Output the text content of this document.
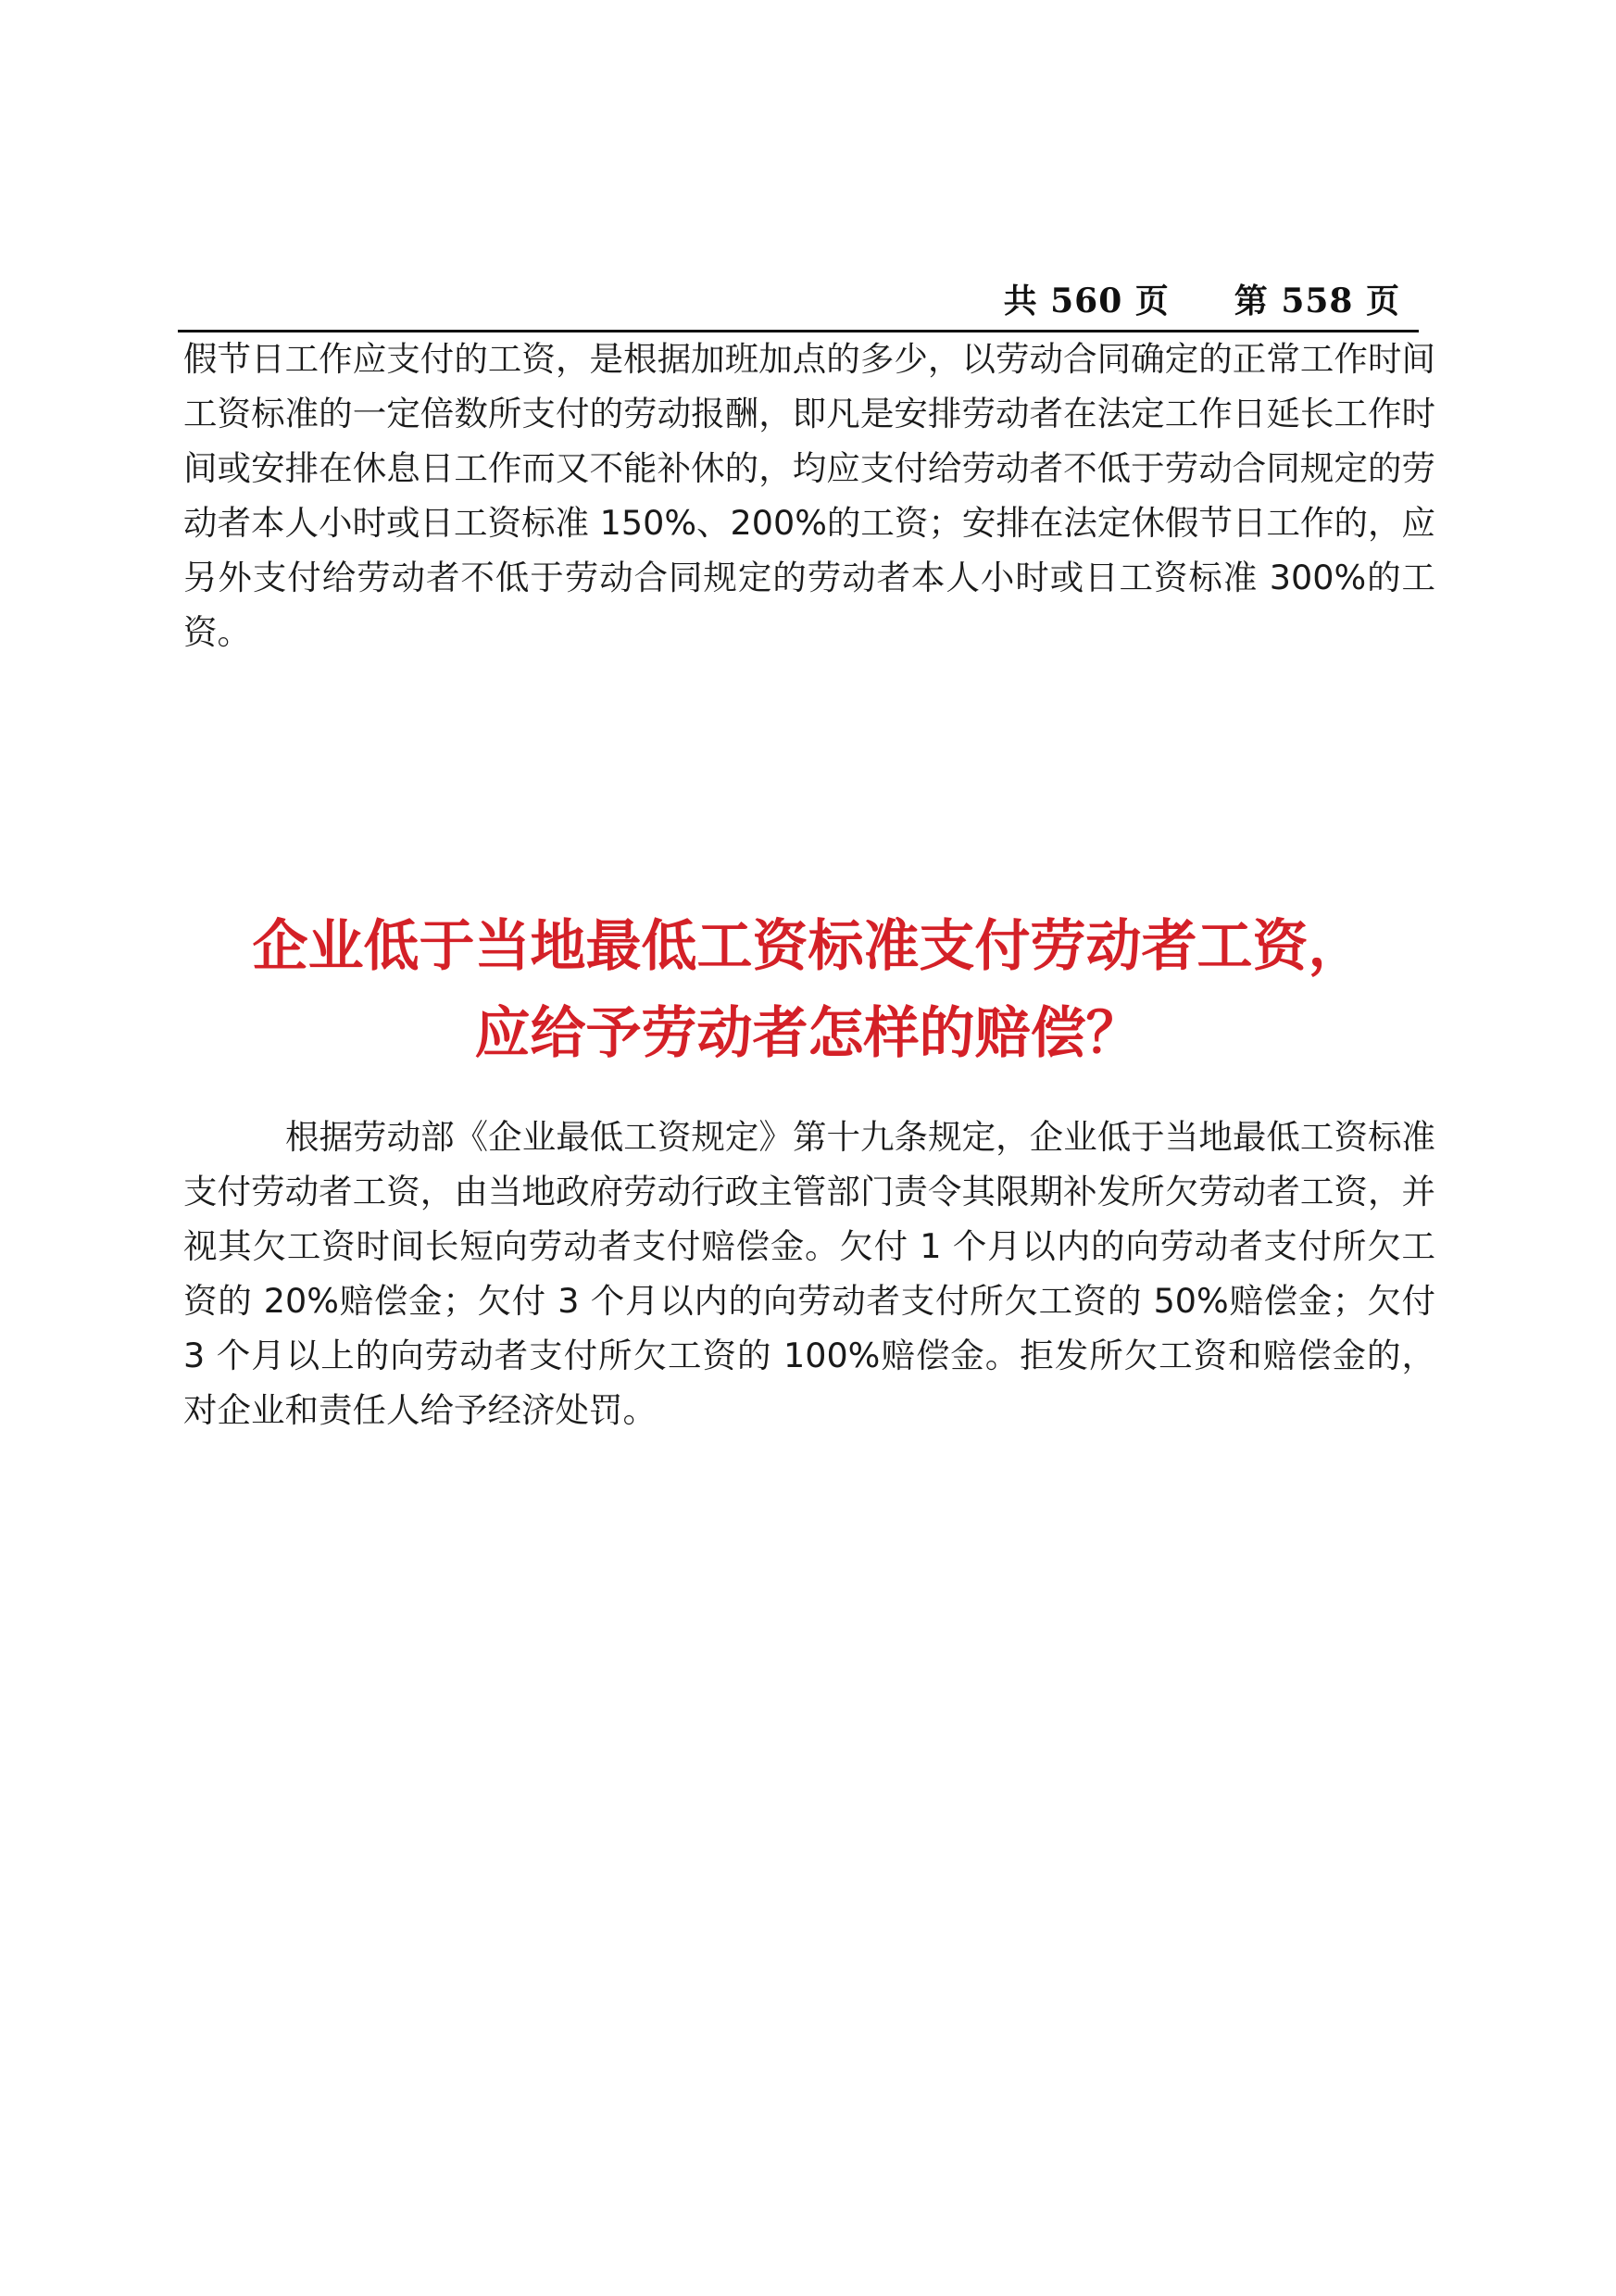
共 560 页 第 558 页

假节日工作应支付的工资，是根据加班加点的多少，以劳动合同确定的正常工作时间工资标准的一定倍数所支付的劳动报酬，即凡是安排劳动者在法定工作日延长工作时间或安排在休息日工作而又不能补休的，均应支付给劳动者不低于劳动合同规定的劳动者本人小时或日工资标准 150%、200%的工资；安排在法定休假节日工作的，应另外支付给劳动者不低于劳动合同规定的劳动者本人小时或日工资标准 300%的工资。

企业低于当地最低工资标准支付劳动者工资，
应给予劳动者怎样的赔偿？

根据劳动部《企业最低工资规定》第十九条规定，企业低于当地最低工资标准支付劳动者工资，由当地政府劳动行政主管部门责令其限期补发所欠劳动者工资，并视其欠工资时间长短向劳动者支付赔偿金。欠付 1 个月以内的向劳动者支付所欠工资的 20%赔偿金；欠付 3 个月以内的向劳动者支付所欠工资的 50%赔偿金；欠付 3 个月以上的向劳动者支付所欠工资的 100%赔偿金。拒发所欠工资和赔偿金的，对企业和责任人给予经济处罚。
